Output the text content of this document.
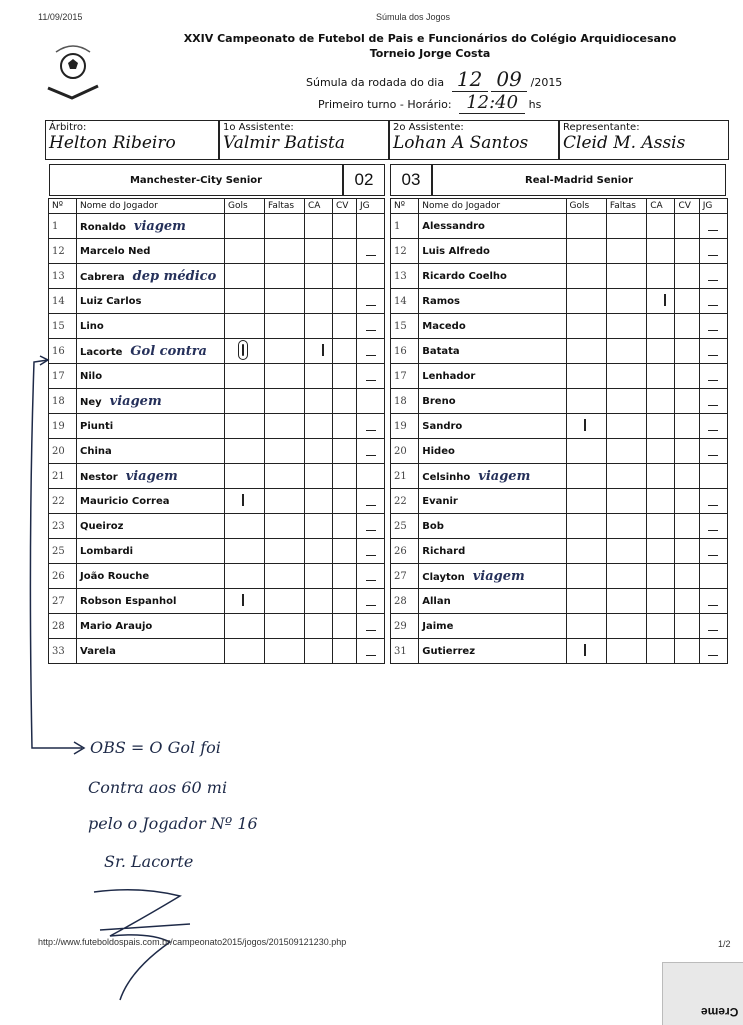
11/09/2015	Súmula dos Jogos
XXIV Campeonato de Futebol de Pais e Funcionários do Colégio Arquidiocesano
Torneio Jorge Costa
Súmula da rodada do dia 12 09 /2015
Primeiro turno - Horário: 12:40 hs
Árbitro:
Helton Ribeiro
1o Assistente:
Valmir Batista
2o Assistente:
Lohan A Santos
Representante:
Cleid M. Assis
Manchester-City Senior	02	03	Real-Madrid Senior
Nº	Nome do Jogador	Gols	Faltas	CA	CV	JG
1	Ronaldo viagem					
12	Marcelo Ned					
13	Cabrera dep médico					
14	Luiz Carlos					
15	Lino					
16	Lacorte Gol contra					
17	Nilo					
18	Ney viagem					
19	Piunti					
20	China					
21	Nestor viagem					
22	Mauricio Correa					
23	Queiroz					
25	Lombardi					
26	João Rouche					
27	Robson Espanhol					
28	Mario Araujo					
33	Varela					
Nº	Nome do Jogador	Gols	Faltas	CA	CV	JG
1	Alessandro					
12	Luis Alfredo					
13	Ricardo Coelho					
14	Ramos					
15	Macedo					
16	Batata					
17	Lenhador					
18	Breno					
19	Sandro					
20	Hideo					
21	Celsinho viagem					
22	Evanir					
25	Bob					
26	Richard					
27	Clayton viagem					
28	Allan					
29	Jaime					
31	Gutierrez					
OBS = O Gol foi
Contra aos 60 mi
pelo o Jogador Nº 16
Sr. Lacorte
http://www.futeboldospais.com.br/campeonato2015/jogos/201509121230.php	1/2
Creme
